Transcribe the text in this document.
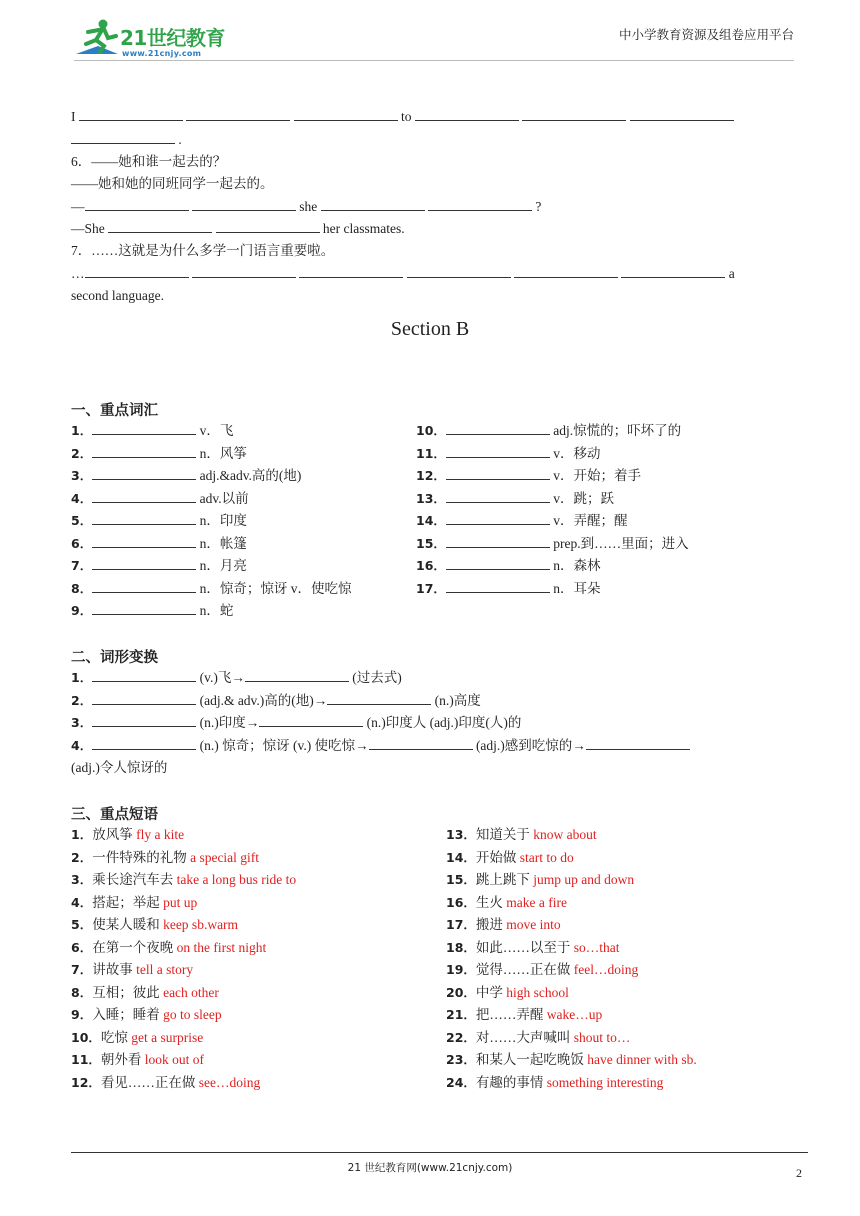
21世纪教育
www.21cnjy.com
中小学教育资源及组卷应用平台
I	to
.
6．——她和谁一起去的？
——她和她的同班同学一起去的。
—	she	?
—She	her classmates.
7．……这就是为什么多学一门语言重要啦。
…	a
second language.
Section B
一、重点词汇
1．	v．飞
2．	n．风筝
3．	adj.&adv.高的(地)
4．	adv.以前
5．	n．印度
6．	n．帐篷
7．	n．月亮
8．	n．惊奇；惊讶 v．使吃惊
9．	n．蛇
10．	adj.惊慌的；吓坏了的
11．	v．移动
12．	v．开始；着手
13．	v．跳；跃
14．	v．弄醒；醒
15．	prep.到……里面；进入
16．	n．森林
17．	n．耳朵
二、词形变换
1．	(v.)飞→	(过去式)
2．	(adj.& adv.)高的(地)→	(n.)高度
3．	(n.)印度→	(n.)印度人 (adj.)印度(人)的
4．	(n.) 惊奇；惊讶 (v.) 使吃惊→	(adj.)感到吃惊的→
(adj.)令人惊讶的
三、重点短语
1．放风筝 fly a kite
2．一件特殊的礼物 a special gift
3．乘长途汽车去 take a long bus ride to
4．搭起；举起 put up
5．使某人暖和 keep sb.warm
6．在第一个夜晚 on the first night
7．讲故事 tell a story
8．互相；彼此 each other
9．入睡；睡着 go to sleep
10．吃惊 get a surprise
11．朝外看 look out of
12．看见……正在做 see…doing
13．知道关于 know about
14．开始做 start to do
15．跳上跳下 jump up and down
16．生火 make a fire
17．搬进 move into
18．如此……以至于 so…that
19．觉得……正在做 feel…doing
20．中学 high school
21．把……弄醒 wake…up
22．对……大声喊叫 shout to…
23．和某人一起吃晚饭 have dinner with sb.
24．有趣的事情 something interesting
21 世纪教育网(www.21cnjy.com)	2
